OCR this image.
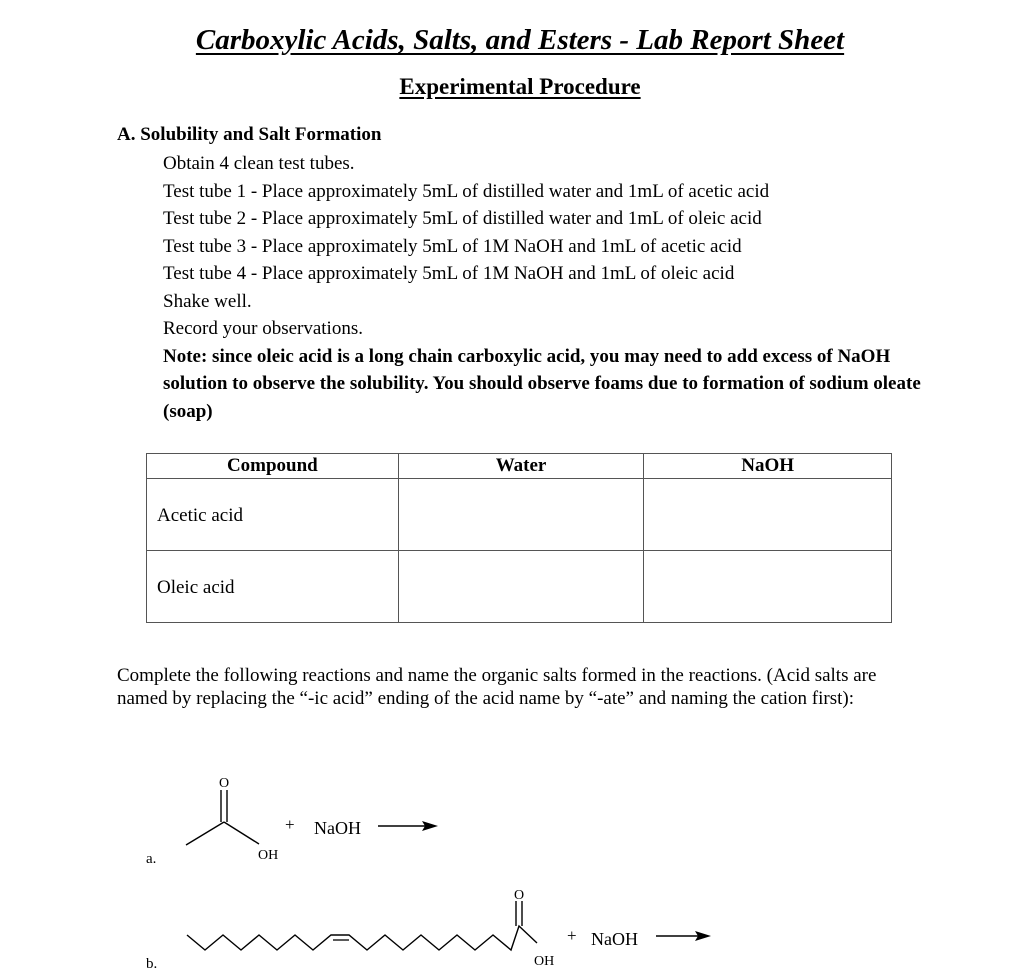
Carboxylic Acids, Salts, and Esters - Lab Report Sheet
Experimental Procedure
A. Solubility and Salt Formation
Obtain 4 clean test tubes.
Test tube 1 - Place approximately 5mL of distilled water and 1mL of acetic acid
Test tube 2 - Place approximately 5mL of distilled water and 1mL of oleic acid
Test tube 3 - Place approximately 5mL of 1M NaOH and 1mL of acetic acid
Test tube 4 - Place approximately 5mL of 1M NaOH and 1mL of oleic acid
Shake well.
Record your observations.
Note: since oleic acid is a long chain carboxylic acid, you may need to add excess of NaOH solution to observe the solubility. You should observe foams due to formation of sodium oleate (soap)
Compound	Water	NaOH
Acetic acid		
Oleic acid		
Complete the following reactions and name the organic salts formed in the reactions. (Acid salts are named by replacing the “-ic acid” ending of the acid name by “-ate” and naming the cation first):
O
OH
+ NaOH
a.
O
OH
+ NaOH
b.
